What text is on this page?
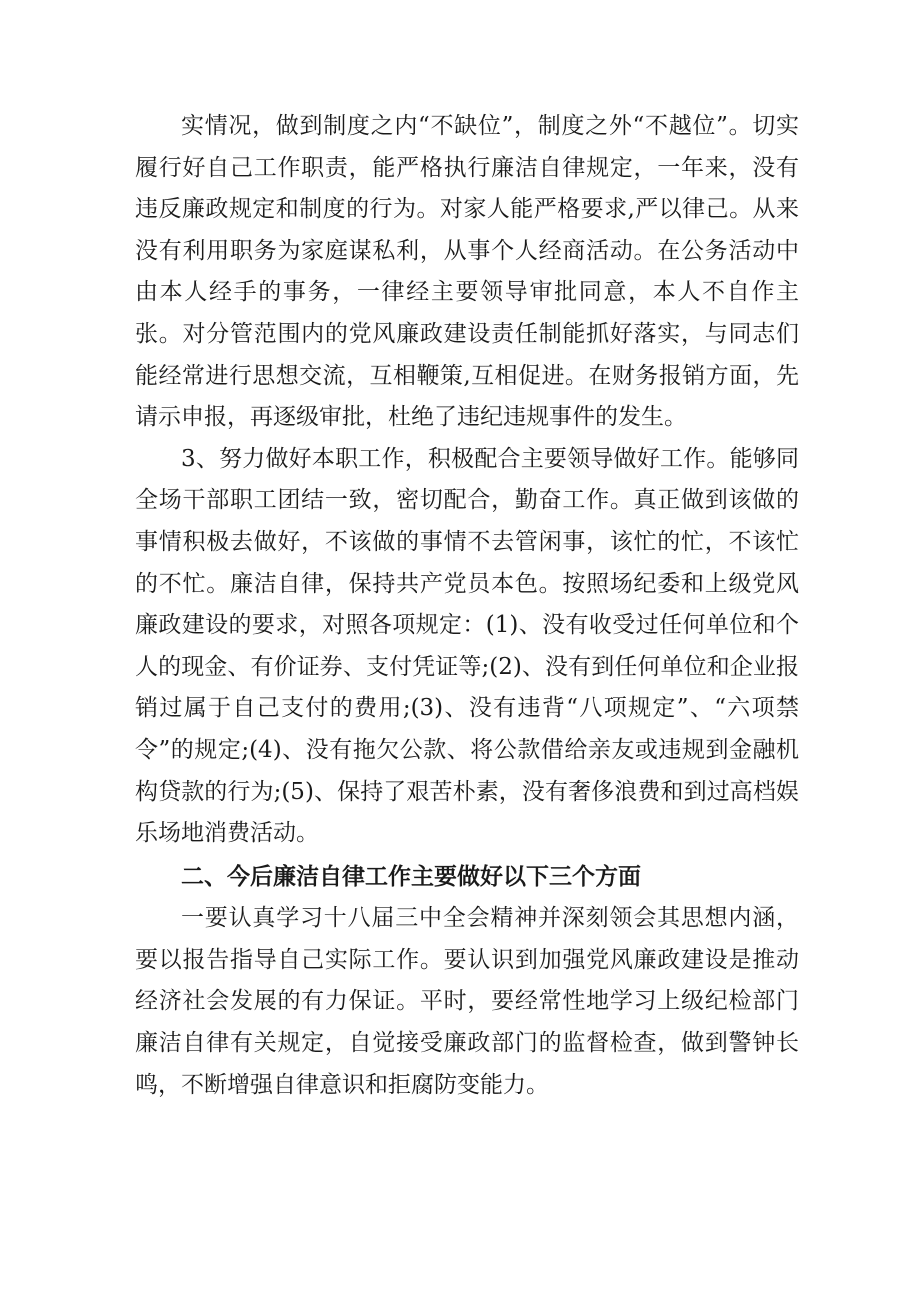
实情况，做到制度之内“不缺位”，制度之外“不越位”。切实履行好自己工作职责，能严格执行廉洁自律规定，一年来，没有违反廉政规定和制度的行为。对家人能严格要求,严以律己。从来没有利用职务为家庭谋私利，从事个人经商活动。在公务活动中由本人经手的事务，一律经主要领导审批同意，本人不自作主张。对分管范围内的党风廉政建设责任制能抓好落实，与同志们能经常进行思想交流，互相鞭策,互相促进。在财务报销方面，先请示申报，再逐级审批，杜绝了违纪违规事件的发生。

3、努力做好本职工作，积极配合主要领导做好工作。能够同全场干部职工团结一致，密切配合，勤奋工作。真正做到该做的事情积极去做好，不该做的事情不去管闲事，该忙的忙，不该忙的不忙。廉洁自律，保持共产党员本色。按照场纪委和上级党风廉政建设的要求，对照各项规定：(1)、没有收受过任何单位和个人的现金、有价证券、支付凭证等;(2)、没有到任何单位和企业报销过属于自己支付的费用;(3)、没有违背“八项规定”、“六项禁令”的规定;(4)、没有拖欠公款、将公款借给亲友或违规到金融机构贷款的行为;(5)、保持了艰苦朴素，没有奢侈浪费和到过高档娱乐场地消费活动。

二、今后廉洁自律工作主要做好以下三个方面

一要认真学习十八届三中全会精神并深刻领会其思想内涵，要以报告指导自己实际工作。要认识到加强党风廉政建设是推动经济社会发展的有力保证。平时，要经常性地学习上级纪检部门廉洁自律有关规定，自觉接受廉政部门的监督检查，做到警钟长鸣，不断增强自律意识和拒腐防变能力。
